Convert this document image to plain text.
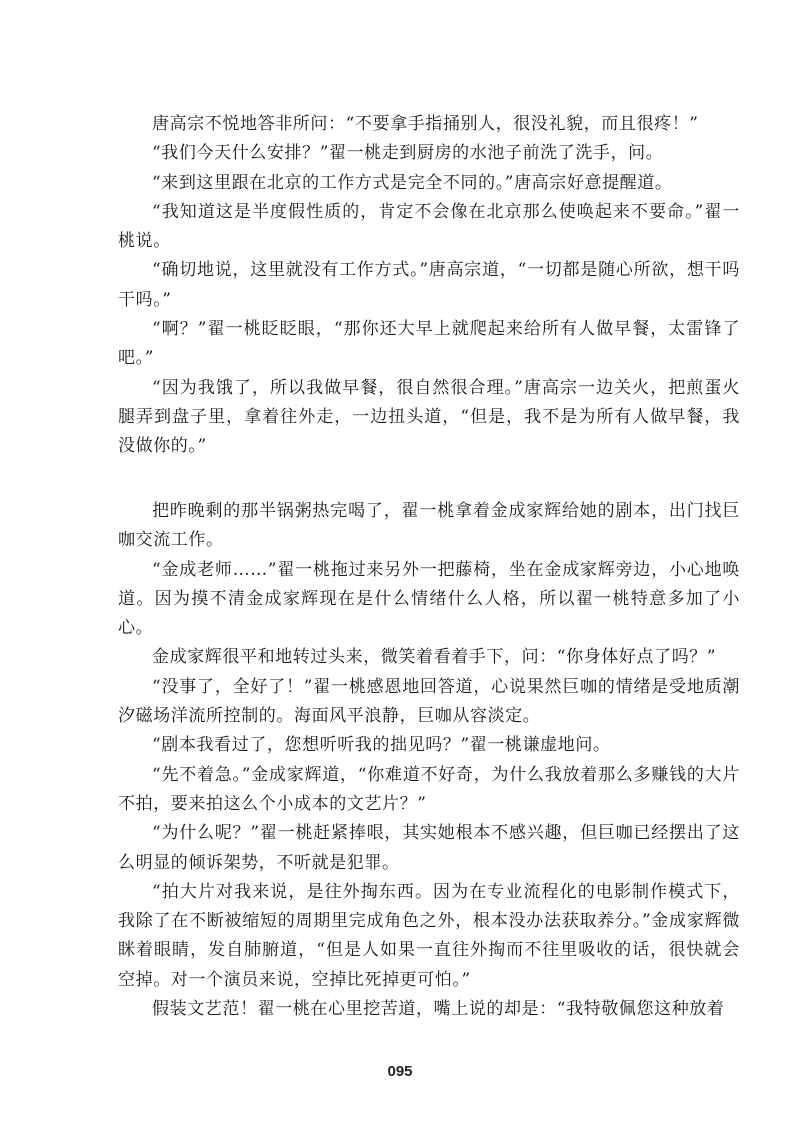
唐高宗不悦地答非所问：“不要拿手指捅别人，很没礼貌，而且很疼！”

“我们今天什么安排？”翟一桃走到厨房的水池子前洗了洗手，问。

“来到这里跟在北京的工作方式是完全不同的。”唐高宗好意提醒道。

“我知道这是半度假性质的，肯定不会像在北京那么使唤起来不要命。”翟一桃说。

“确切地说，这里就没有工作方式。”唐高宗道，“一切都是随心所欲，想干吗干吗。”

“啊？”翟一桃眨眨眼，“那你还大早上就爬起来给所有人做早餐，太雷锋了吧。”

“因为我饿了，所以我做早餐，很自然很合理。”唐高宗一边关火，把煎蛋火腿弄到盘子里，拿着往外走，一边扭头道，“但是，我不是为所有人做早餐，我没做你的。”

把昨晚剩的那半锅粥热完喝了，翟一桃拿着金成家辉给她的剧本，出门找巨咖交流工作。

“金成老师……”翟一桃拖过来另外一把藤椅，坐在金成家辉旁边，小心地唤道。因为摸不清金成家辉现在是什么情绪什么人格，所以翟一桃特意多加了小心。

金成家辉很平和地转过头来，微笑着看着手下，问：“你身体好点了吗？”

“没事了，全好了！”翟一桃感恩地回答道，心说果然巨咖的情绪是受地质潮汐磁场洋流所控制的。海面风平浪静，巨咖从容淡定。

“剧本我看过了，您想听听我的拙见吗？”翟一桃谦虚地问。

“先不着急。”金成家辉道，“你难道不好奇，为什么我放着那么多赚钱的大片不拍，要来拍这么个小成本的文艺片？”

“为什么呢？”翟一桃赶紧捧哏，其实她根本不感兴趣，但巨咖已经摆出了这么明显的倾诉架势，不听就是犯罪。

“拍大片对我来说，是往外掏东西。因为在专业流程化的电影制作模式下，我除了在不断被缩短的周期里完成角色之外，根本没办法获取养分。”金成家辉微眯着眼睛，发自肺腑道，“但是人如果一直往外掏而不往里吸收的话，很快就会空掉。对一个演员来说，空掉比死掉更可怕。”

假装文艺范！翟一桃在心里挖苦道，嘴上说的却是：“我特敬佩您这种放着

095
